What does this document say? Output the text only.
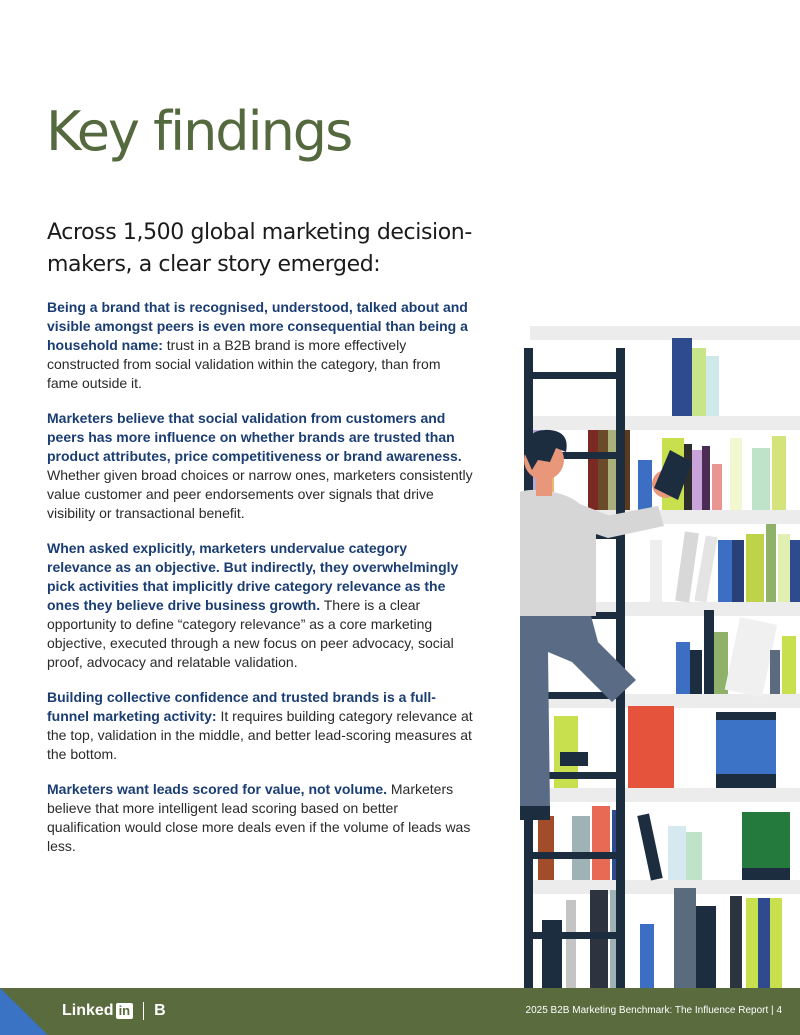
Key findings
Across 1,500 global marketing decision-makers, a clear story emerged:

Being a brand that is recognised, understood, talked about and visible amongst peers is even more consequential than being a household name: trust in a B2B brand is more effectively constructed from social validation within the category, than from fame outside it.

Marketers believe that social validation from customers and peers has more influence on whether brands are trusted than product attributes, price competitiveness or brand awareness. Whether given broad choices or narrow ones, marketers consistently value customer and peer endorsements over signals that drive visibility or transactional benefit.

When asked explicitly, marketers undervalue category relevance as an objective. But indirectly, they overwhelmingly pick activities that implicitly drive category relevance as the ones they believe drive business growth. There is a clear opportunity to define “category relevance” as a core marketing objective, executed through a new focus on peer advocacy, social proof, advocacy and relatable validation.

Building collective confidence and trusted brands is a full-funnel marketing activity: It requires building category relevance at the top, validation in the middle, and better lead-scoring measures at the bottom.

Marketers want leads scored for value, not volume. Marketers believe that more intelligent lead scoring based on better qualification would close more deals even if the volume of leads was less.

Linked in B	2025 B2B Marketing Benchmark: The Influence Report | 4
